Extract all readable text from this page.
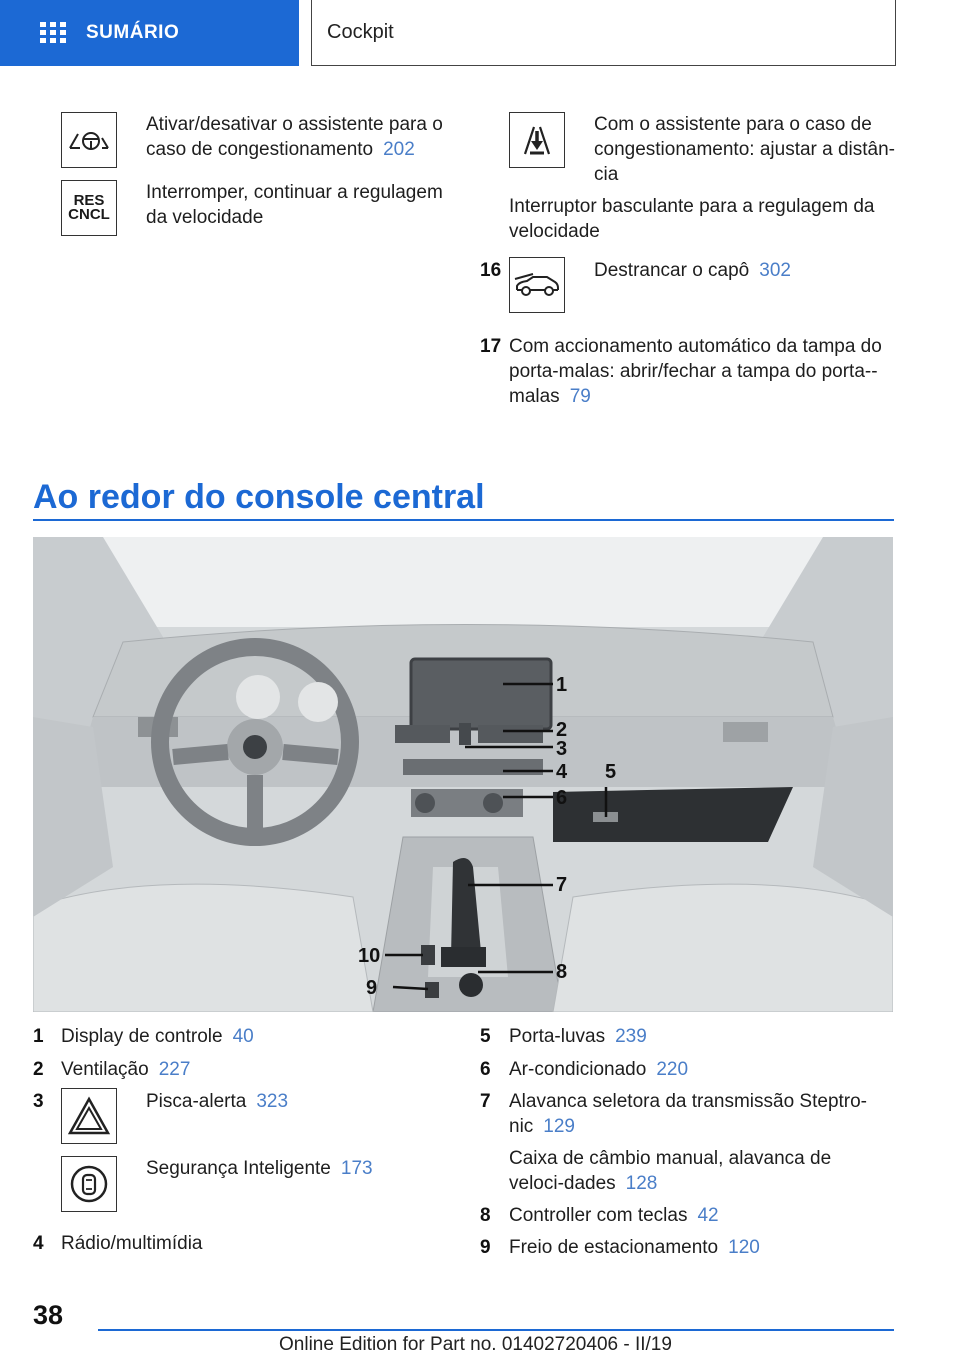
SUMÁRIO	Cockpit
Ativar/desativar o assistente para o caso de congestionamento 202
RES
CNCL
Interromper, continuar a regulagem da velocidade
Com o assistente para o caso de congestionamento: ajustar a distân-cia
Interruptor basculante para a regulagem da velocidade
16	Destrancar o capô 302
17 Com accionamento automático da tampa do porta-malas: abrir/fechar a tampa do porta--malas 79
Ao redor do console central
1
2
3
4 5
6
7
8
9
10
1 Display de controle 40
2 Ventilação 227
3	Pisca-alerta 323
Segurança Inteligente 173
4 Rádio/multimídia
5 Porta-luvas 239
6 Ar-condicionado 220
7 Alavanca seletora da transmissão Steptro-nic 129
Caixa de câmbio manual, alavanca de veloci-dades 128
8 Controller com teclas 42
9 Freio de estacionamento 120
38
Online Edition for Part no. 01402720406 - II/19
